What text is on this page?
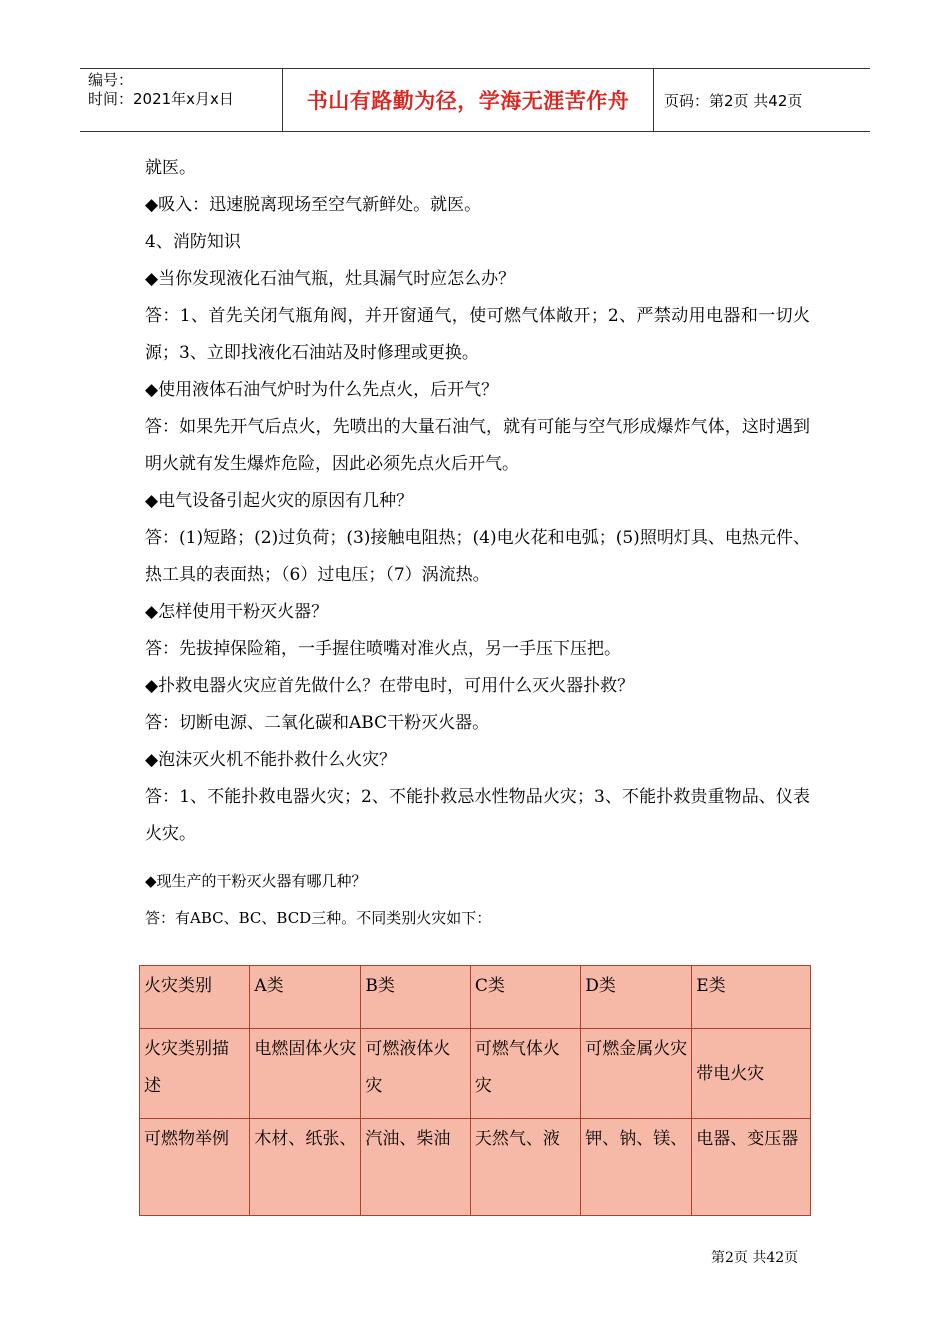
编号：
时间：2021年x月x日	书山有路勤为径，学海无涯苦作舟	页码：第2页 共42页

就医。

◆吸入：迅速脱离现场至空气新鲜处。就医。

4、消防知识

◆当你发现液化石油气瓶，灶具漏气时应怎么办？

答：1、首先关闭气瓶角阀，并开窗通气，使可燃气体敞开；2、严禁动用电器和一切火源；3、立即找液化石油站及时修理或更换。

◆使用液体石油气炉时为什么先点火，后开气？

答：如果先开气后点火，先喷出的大量石油气，就有可能与空气形成爆炸气体，这时遇到明火就有发生爆炸危险，因此必须先点火后开气。

◆电气设备引起火灾的原因有几种？

答：(1)短路；(2)过负荷；(3)接触电阻热；(4)电火花和电弧；(5)照明灯具、电热元件、热工具的表面热；（6）过电压；（7）涡流热。

◆怎样使用干粉灭火器？

答：先拔掉保险箱，一手握住喷嘴对准火点，另一手压下压把。

◆扑救电器火灾应首先做什么？在带电时，可用什么灭火器扑救？

答：切断电源、二氧化碳和ABC干粉灭火器。

◆泡沫灭火机不能扑救什么火灾？

答：1、不能扑救电器火灾；2、不能扑救忌水性物品火灾；3、不能扑救贵重物品、仪表火灾。

◆现生产的干粉灭火器有哪几种？

答：有ABC、BC、BCD三种。不同类别火灾如下：

火灾类别	A类	B类	C类	D类	E类
火灾类别描述	电燃固体火灾	可燃液体火灾	可燃气体火灾	可燃金属火灾	带电火灾
可燃物举例	木材、纸张、	汽油、柴油	天然气、液	钾、钠、镁、	电器、变压器
第2页 共42页
